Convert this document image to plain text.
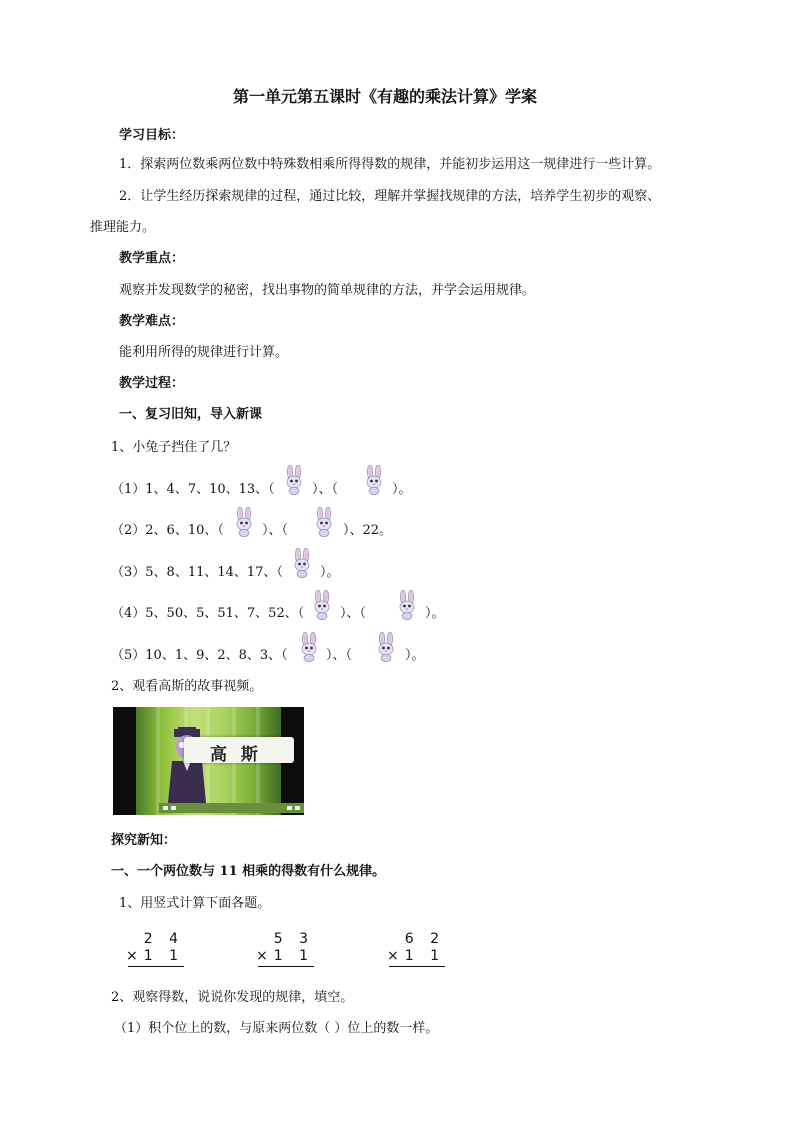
第一单元第五课时《有趣的乘法计算》学案
学习目标：
1．探索两位数乘两位数中特殊数相乘所得得数的规律，并能初步运用这一规律进行一些计算。
2．让学生经历探索规律的过程，通过比较，理解并掌握找规律的方法，培养学生初步的观察、
推理能力。
教学重点：
观察并发现数学的秘密，找出事物的简单规律的方法，并学会运用规律。
教学难点：
能利用所得的规律进行计算。
教学过程：
一、复习旧知，导入新课
1、小兔子挡住了几？
（1）1、4、7、10、13、（	）、（	）。
（2）2、6、10、（	）、（	）、22。
（3）5、8、11、14、17、（	）。
（4）5、50、5、51、7、52、（	）、（	）。
（5）10、1、9、2、8、3、（	）、（	）。
2、观看高斯的故事视频。
高 斯
探究新知：
一、一个两位数与 11 相乘的得数有什么规律。
1、用竖式计算下面各题。
2 4
×1 1
5 3
×1 1
6 2
×1 1
2、观察得数，说说你发现的规律，填空。
（1）积个位上的数，与原来两位数（ ）位上的数一样。
